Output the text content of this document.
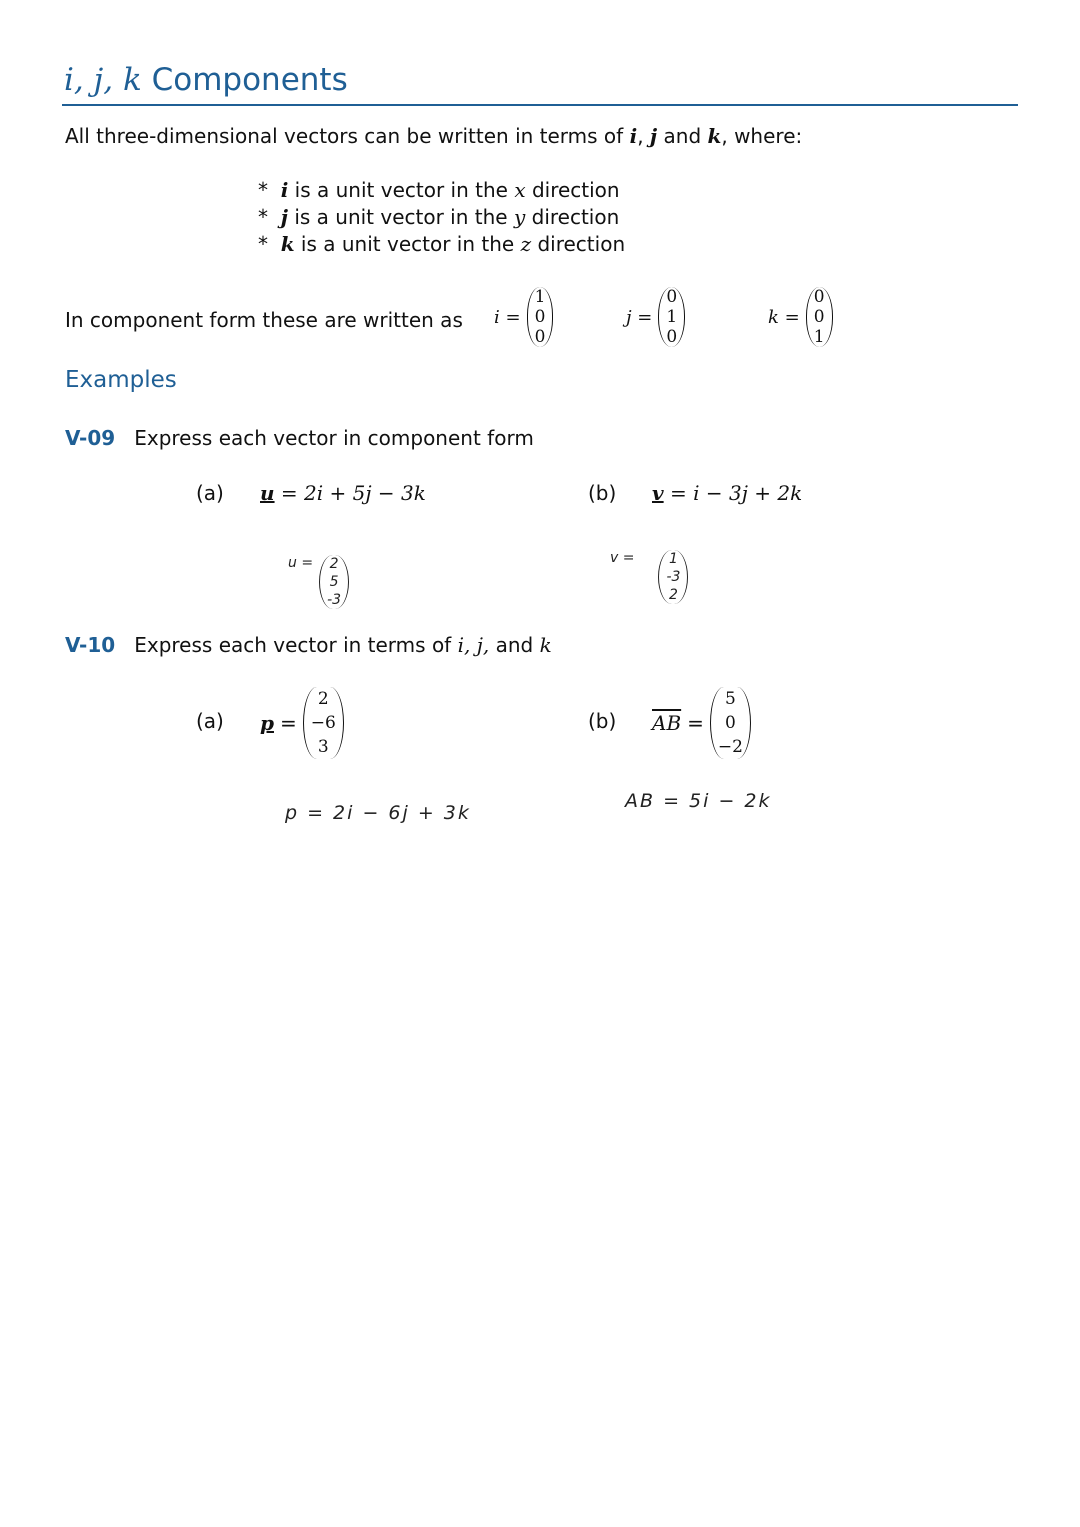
i, j, k Components
All three-dimensional vectors can be written in terms of i, j and k, where:
* i is a unit vector in the x direction
* j is a unit vector in the y direction
* k is a unit vector in the z direction
In component form these are written as i =
1
0
0
j =
0
1
0
k =
0
0
1
Examples
V-09 Express each vector in component form
(a) u = 2i + 5j − 3k	(b) v = i − 3j + 2k
u = 2
5
-3
v = 1
-3
2
V-10 Express each vector in terms of i, j, and k
(a) p =
2
−6
3
(b) $\overline{AB}$ =
5
0
−2
p = 2i − 6j + 3k
AB = 5i − 2k
